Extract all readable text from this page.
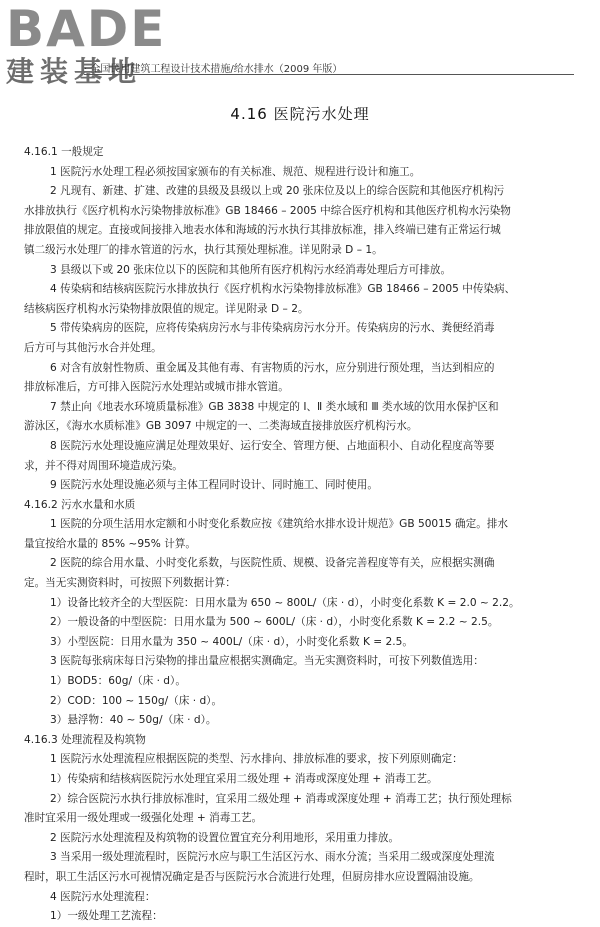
BADE
建装基地
· 全国民用建筑工程设计技术措施/给水排水（2009 年版）
4.16 医院污水处理
4.16.1 一般规定
1 医院污水处理工程必须按国家颁布的有关标准、规范、规程进行设计和施工。
2 凡现有、新建、扩建、改建的县级及县级以上或 20 张床位及以上的综合医院和其他医疗机构污
水排放执行《医疗机构水污染物排放标准》GB 18466 – 2005 中综合医疗机构和其他医疗机构水污染物
排放限值的规定。直接或间接排入地表水体和海域的污水执行其排放标准，排入终端已建有正常运行城
镇二级污水处理厂的排水管道的污水，执行其预处理标准。详见附录 D – 1。
3 县级以下或 20 张床位以下的医院和其他所有医疗机构污水经消毒处理后方可排放。
4 传染病和结核病医院污水排放执行《医疗机构水污染物排放标准》GB 18466 – 2005 中传染病、
结核病医疗机构水污染物排放限值的规定。详见附录 D – 2。
5 带传染病房的医院，应将传染病房污水与非传染病房污水分开。传染病房的污水、粪便经消毒
后方可与其他污水合并处理。
6 对含有放射性物质、重金属及其他有毒、有害物质的污水，应分别进行预处理，当达到相应的
排放标准后，方可排入医院污水处理站或城市排水管道。
7 禁止向《地表水环境质量标准》GB 3838 中规定的 Ⅰ、Ⅱ 类水域和 Ⅲ 类水域的饮用水保护区和
游泳区，《海水水质标准》GB 3097 中规定的一、二类海域直接排放医疗机构污水。
8 医院污水处理设施应满足处理效果好、运行安全、管理方便、占地面积小、自动化程度高等要
求，并不得对周围环境造成污染。
9 医院污水处理设施必须与主体工程同时设计、同时施工、同时使用。
4.16.2 污水水量和水质
1 医院的分项生活用水定额和小时变化系数应按《建筑给水排水设计规范》GB 50015 确定。排水
量宜按给水量的 85% ~95% 计算。
2 医院的综合用水量、小时变化系数，与医院性质、规模、设备完善程度等有关，应根据实测确
定。当无实测资料时，可按照下列数据计算：
1）设备比较齐全的大型医院：日用水量为 650 ~ 800L/（床 · d），小时变化系数 K = 2.0 ~ 2.2。
2）一般设备的中型医院：日用水量为 500 ~ 600L/（床 · d），小时变化系数 K = 2.2 ~ 2.5。
3）小型医院：日用水量为 350 ~ 400L/（床 · d），小时变化系数 K = 2.5。
3 医院每张病床每日污染物的排出量应根据实测确定。当无实测资料时，可按下列数值选用：
1）BOD5：60g/（床 · d）。
2）COD：100 ~ 150g/（床 · d）。
3）悬浮物：40 ~ 50g/（床 · d）。
4.16.3 处理流程及构筑物
1 医院污水处理流程应根据医院的类型、污水排向、排放标准的要求，按下列原则确定：
1）传染病和结核病医院污水处理宜采用二级处理 + 消毒或深度处理 + 消毒工艺。
2）综合医院污水执行排放标准时，宜采用二级处理 + 消毒或深度处理 + 消毒工艺；执行预处理标
准时宜采用一级处理或一级强化处理 + 消毒工艺。
2 医院污水处理流程及构筑物的设置位置宜充分利用地形，采用重力排放。
3 当采用一级处理流程时，医院污水应与职工生活区污水、雨水分流；当采用二级或深度处理流
程时，职工生活区污水可视情况确定是否与医院污水合流进行处理，但厨房排水应设置隔油设施。
4 医院污水处理流程：
1）一级处理工艺流程：
